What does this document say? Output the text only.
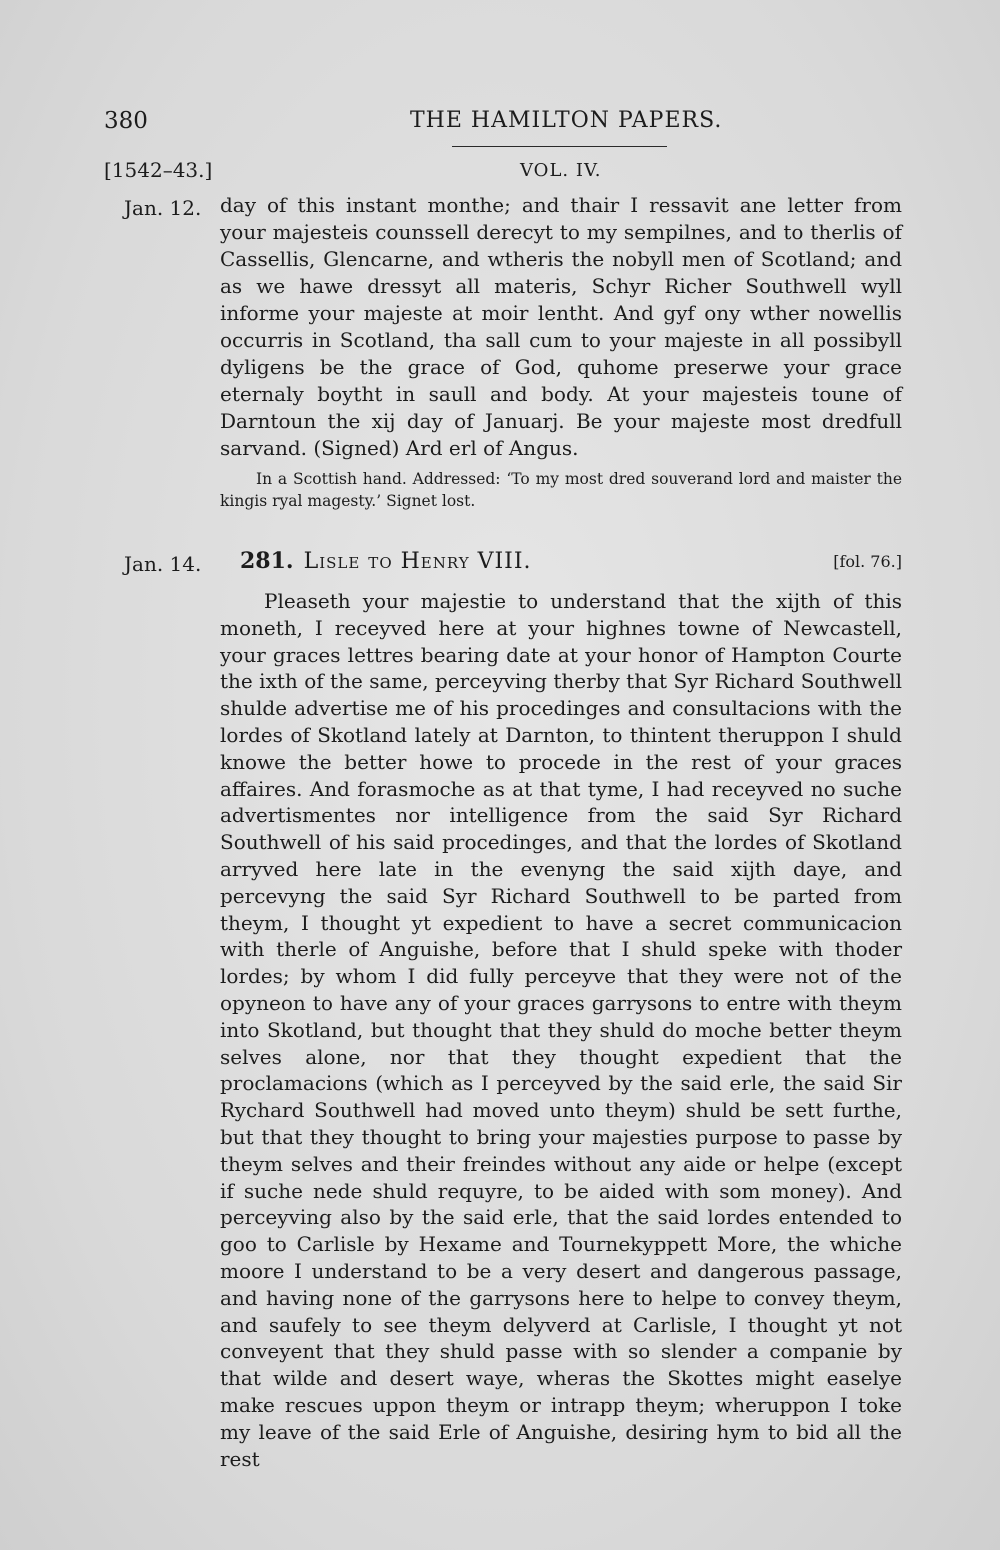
380	THE HAMILTON PAPERS.
[1542–43.]	VOL. IV.
Jan. 12. day of this instant monthe; and thair I ressavit ane letter from your majesteis counssell derecyt to my sempilnes, and to therlis of Cassellis, Glencarne, and wtheris the nobyll men of Scotland; and as we hawe dressyt all materis, Schyr Richer Southwell wyll informe your majeste at moir lentht. And gyf ony wther nowellis occurris in Scotland, tha sall cum to your majeste in all possibyll dyligens be the grace of God, quhome preserwe your grace eternaly boytht in saull and body. At your majesteis toune of Darntoun the xij day of Januarj. Be your majeste most dredfull sarvand. (Signed) Ard erl of Angus.

In a Scottish hand. Addressed: ‘To my most dred souverand lord and maister the kingis ryal magesty.’ Signet lost.
Jan. 14. 281. Lisle to Henry VIII.	[fol. 76.]

Pleaseth your majestie to understand that the xijth of this moneth, I receyved here at your highnes towne of Newcastell, your graces lettres bearing date at your honor of Hampton Courte the ixth of the same, perceyving therby that Syr Richard Southwell shulde advertise me of his procedinges and consultacions with the lordes of Skotland lately at Darnton, to thintent theruppon I shuld knowe the better howe to procede in the rest of your graces affaires. And forasmoche as at that tyme, I had receyved no suche advertismentes nor intelligence from the said Syr Richard Southwell of his said procedinges, and that the lordes of Skotland arryved here late in the evenyng the said xijth daye, and percevyng the said Syr Richard Southwell to be parted from theym, I thought yt expedient to have a secret communicacion with therle of Anguishe, before that I shuld speke with thoder lordes; by whom I did fully perceyve that they were not of the opyneon to have any of your graces garrysons to entre with theym into Skotland, but thought that they shuld do moche better theym selves alone, nor that they thought expedient that the proclamacions (which as I perceyved by the said erle, the said Sir Rychard Southwell had moved unto theym) shuld be sett furthe, but that they thought to bring your majesties purpose to passe by theym selves and their freindes without any aide or helpe (except if suche nede shuld requyre, to be aided with som money). And perceyving also by the said erle, that the said lordes entended to goo to Carlisle by Hexame and Tournekyppett More, the whiche moore I understand to be a very desert and dangerous passage, and having none of the garrysons here to helpe to convey theym, and saufely to see theym delyverd at Carlisle, I thought yt not conveyent that they shuld passe with so slender a companie by that wilde and desert waye, wheras the Skottes might easelye make rescues uppon theym or intrapp theym; wheruppon I toke my leave of the said Erle of Anguishe, desiring hym to bid all the rest
